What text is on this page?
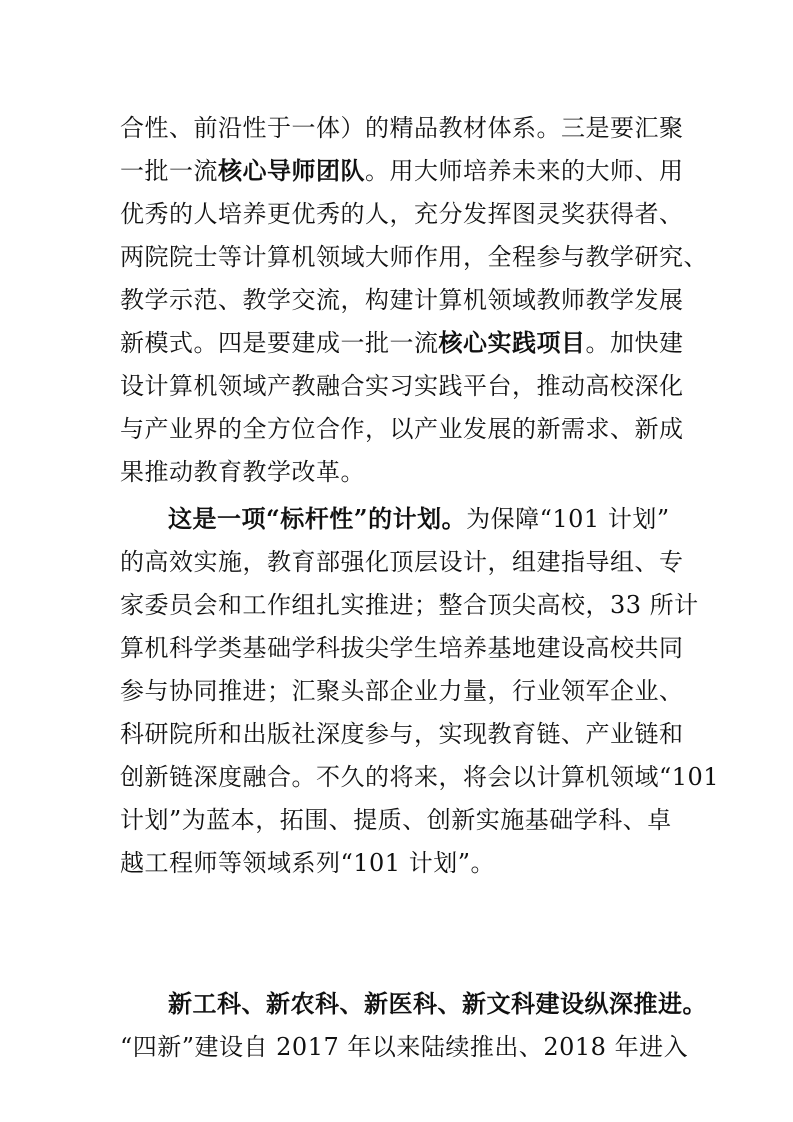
合性、前沿性于一体）的精品教材体系。三是要汇聚
一批一流核心导师团队。用大师培养未来的大师、用
优秀的人培养更优秀的人，充分发挥图灵奖获得者、
两院院士等计算机领域大师作用，全程参与教学研究、
教学示范、教学交流，构建计算机领域教师教学发展
新模式。四是要建成一批一流核心实践项目。加快建
设计算机领域产教融合实习实践平台，推动高校深化
与产业界的全方位合作，以产业发展的新需求、新成
果推动教育教学改革。
这是一项“标杆性”的计划。为保障“101 计划”
的高效实施，教育部强化顶层设计，组建指导组、专
家委员会和工作组扎实推进；整合顶尖高校，33 所计
算机科学类基础学科拔尖学生培养基地建设高校共同
参与协同推进；汇聚头部企业力量，行业领军企业、
科研院所和出版社深度参与，实现教育链、产业链和
创新链深度融合。不久的将来，将会以计算机领域“101
计划”为蓝本，拓围、提质、创新实施基础学科、卓
越工程师等领域系列“101 计划”。
新工科、新农科、新医科、新文科建设纵深推进。
“四新”建设自 2017 年以来陆续推出、2018 年进入
